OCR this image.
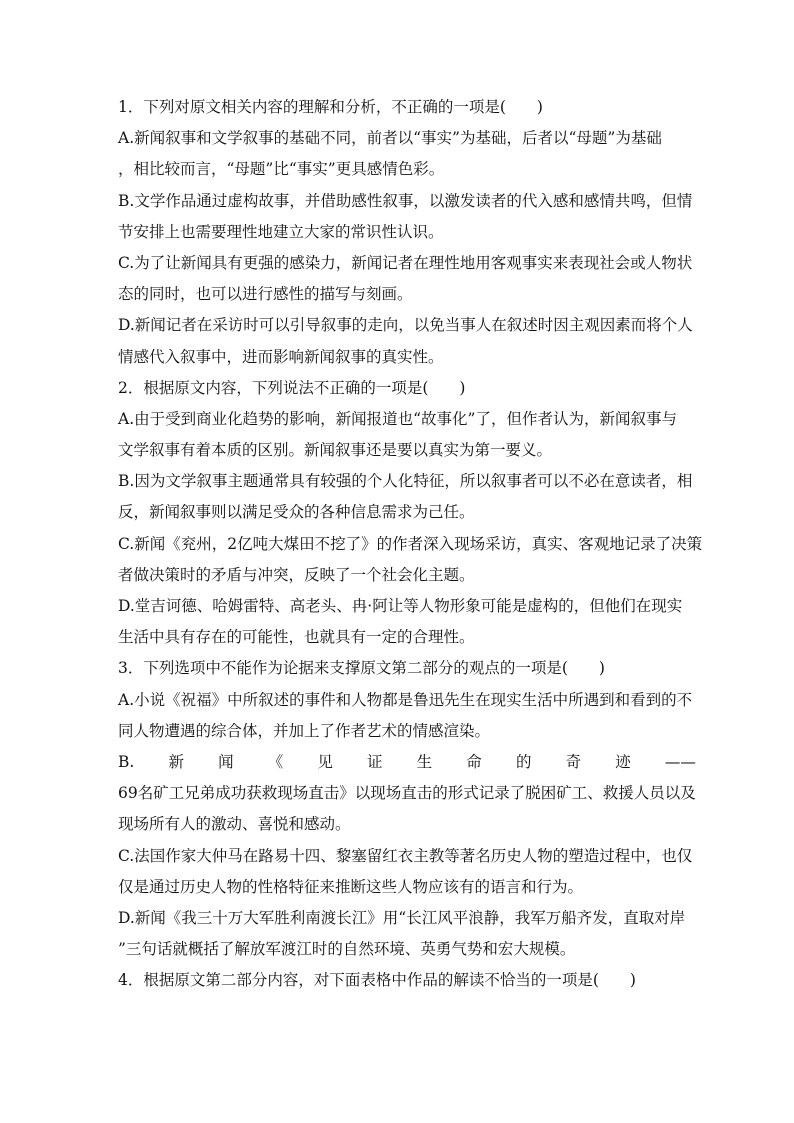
1．下列对原文相关内容的理解和分析，不正确的一项是(　　)
A.新闻叙事和文学叙事的基础不同，前者以“事实”为基础，后者以“母题”为基础
，相比较而言，“母题”比“事实”更具感情色彩。
B.文学作品通过虚构故事，并借助感性叙事，以激发读者的代入感和感情共鸣，但情
节安排上也需要理性地建立大家的常识性认识。
C.为了让新闻具有更强的感染力，新闻记者在理性地用客观事实来表现社会或人物状
态的同时，也可以进行感性的描写与刻画。
D.新闻记者在采访时可以引导叙事的走向，以免当事人在叙述时因主观因素而将个人
情感代入叙事中，进而影响新闻叙事的真实性。
2．根据原文内容，下列说法不正确的一项是(　　)
A.由于受到商业化趋势的影响，新闻报道也“故事化”了，但作者认为，新闻叙事与
文学叙事有着本质的区别。新闻叙事还是要以真实为第一要义。
B.因为文学叙事主题通常具有较强的个人化特征，所以叙事者可以不必在意读者，相
反，新闻叙事则以满足受众的各种信息需求为己任。
C.新闻《兖州，2亿吨大煤田不挖了》的作者深入现场采访，真实、客观地记录了决策
者做决策时的矛盾与冲突，反映了一个社会化主题。
D.堂吉诃德、哈姆雷特、高老头、冉·阿让等人物形象可能是虚构的，但他们在现实
生活中具有存在的可能性，也就具有一定的合理性。
3．下列选项中不能作为论据来支撑原文第二部分的观点的一项是(　　)
A.小说《祝福》中所叙述的事件和人物都是鲁迅先生在现实生活中所遇到和看到的不
同人物遭遇的综合体，并加上了作者艺术的情感渲染。
B. 新 闻 《 见 证 生 命 的 奇 迹 ——
69名矿工兄弟成功获救现场直击》以现场直击的形式记录了脱困矿工、救援人员以及
现场所有人的激动、喜悦和感动。
C.法国作家大仲马在路易十四、黎塞留红衣主教等著名历史人物的塑造过程中，也仅
仅是通过历史人物的性格特征来推断这些人物应该有的语言和行为。
D.新闻《我三十万大军胜利南渡长江》用“长江风平浪静，我军万船齐发，直取对岸
”三句话就概括了解放军渡江时的自然环境、英勇气势和宏大规模。
4．根据原文第二部分内容，对下面表格中作品的解读不恰当的一项是(　　)
